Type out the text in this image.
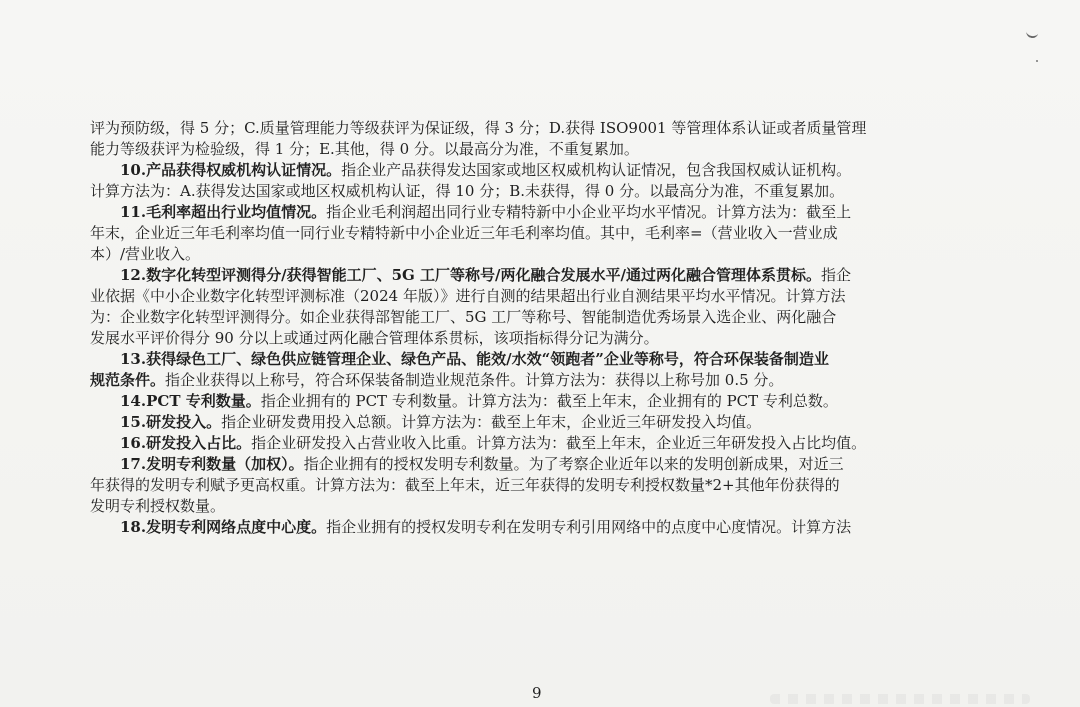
评为预防级，得 5 分；C.质量管理能力等级获评为保证级，得 3 分；D.获得 ISO9001 等管理体系认证或者质量管理
能力等级获评为检验级，得 1 分；E.其他，得 0 分。以最高分为准，不重复累加。
10.产品获得权威机构认证情况。指企业产品获得发达国家或地区权威机构认证情况，包含我国权威认证机构。
计算方法为：A.获得发达国家或地区权威机构认证，得 10 分；B.未获得，得 0 分。以最高分为准，不重复累加。
11.毛利率超出行业均值情况。指企业毛利润超出同行业专精特新中小企业平均水平情况。计算方法为：截至上
年末，企业近三年毛利率均值一同行业专精特新中小企业近三年毛利率均值。其中，毛利率=（营业收入一营业成
本）/营业收入。
12.数字化转型评测得分/获得智能工厂、5G 工厂等称号/两化融合发展水平/通过两化融合管理体系贯标。指企
业依据《中小企业数字化转型评测标准（2024 年版）》进行自测的结果超出行业自测结果平均水平情况。计算方法
为：企业数字化转型评测得分。如企业获得部智能工厂、5G 工厂等称号、智能制造优秀场景入选企业、两化融合
发展水平评价得分 90 分以上或通过两化融合管理体系贯标，该项指标得分记为满分。
13.获得绿色工厂、绿色供应链管理企业、绿色产品、能效/水效“领跑者”企业等称号，符合环保装备制造业
规范条件。指企业获得以上称号，符合环保装备制造业规范条件。计算方法为：获得以上称号加 0.5 分。
14.PCT 专利数量。指企业拥有的 PCT 专利数量。计算方法为：截至上年末，企业拥有的 PCT 专利总数。
15.研发投入。指企业研发费用投入总额。计算方法为：截至上年末，企业近三年研发投入均值。
16.研发投入占比。指企业研发投入占营业收入比重。计算方法为：截至上年末，企业近三年研发投入占比均值。
17.发明专利数量（加权）。指企业拥有的授权发明专利数量。为了考察企业近年以来的发明创新成果，对近三
年获得的发明专利赋予更高权重。计算方法为：截至上年末，近三年获得的发明专利授权数量*2+其他年份获得的
发明专利授权数量。
18.发明专利网络点度中心度。指企业拥有的授权发明专利在发明专利引用网络中的点度中心度情况。计算方法
9
